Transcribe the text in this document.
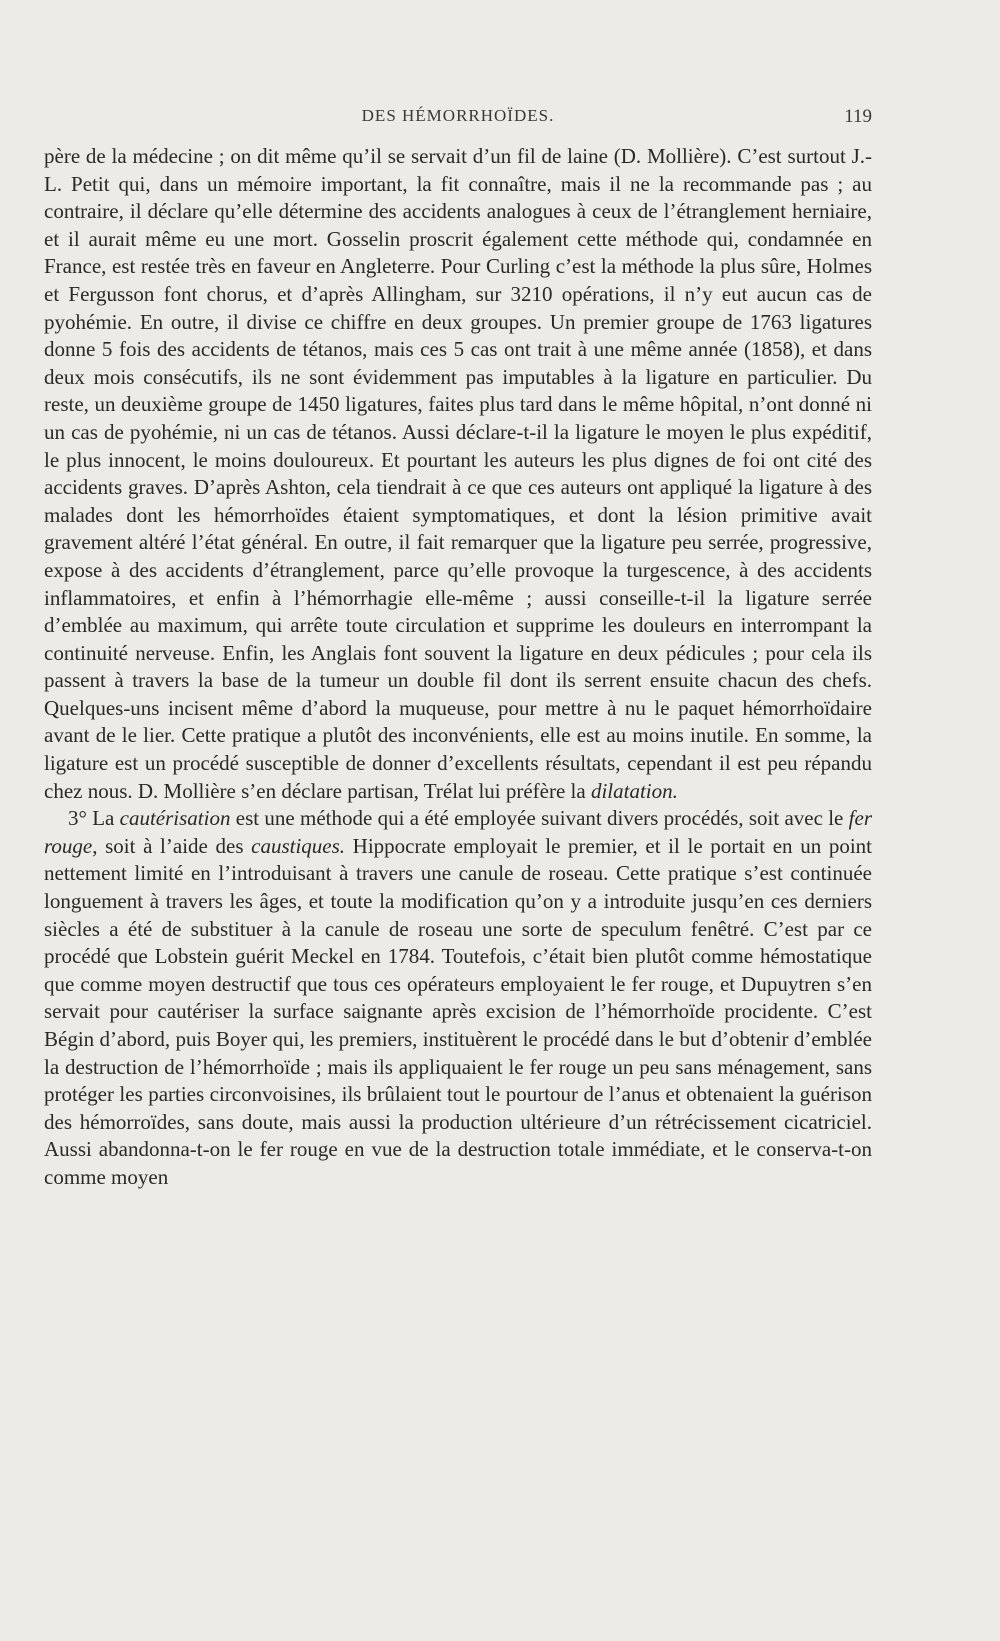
DES HÉMORRHOÏDES.	119

père de la médecine ; on dit même qu’il se servait d’un fil de laine (D. Mollière). C’est surtout J.-L. Petit qui, dans un mémoire important, la fit connaître, mais il ne la recommande pas ; au contraire, il déclare qu’elle détermine des accidents analogues à ceux de l’étranglement herniaire, et il aurait même eu une mort. Gosselin proscrit également cette méthode qui, condamnée en France, est restée très en faveur en Angleterre. Pour Curling c’est la méthode la plus sûre, Holmes et Fergusson font chorus, et d’après Allingham, sur 3210 opérations, il n’y eut aucun cas de pyohémie. En outre, il divise ce chiffre en deux groupes. Un premier groupe de 1763 ligatures donne 5 fois des accidents de tétanos, mais ces 5 cas ont trait à une même année (1858), et dans deux mois consécutifs, ils ne sont évidemment pas imputables à la ligature en particulier. Du reste, un deuxième groupe de 1450 ligatures, faites plus tard dans le même hôpital, n’ont donné ni un cas de pyohémie, ni un cas de tétanos. Aussi déclare-t-il la ligature le moyen le plus expéditif, le plus innocent, le moins douloureux. Et pourtant les auteurs les plus dignes de foi ont cité des accidents graves. D’après Ashton, cela tiendrait à ce que ces auteurs ont appliqué la ligature à des malades dont les hémorrhoïdes étaient symptomatiques, et dont la lésion primitive avait gravement altéré l’état général. En outre, il fait remarquer que la ligature peu serrée, progressive, expose à des accidents d’étranglement, parce qu’elle provoque la turgescence, à des accidents inflammatoires, et enfin à l’hémorrhagie elle-même ; aussi conseille-t-il la ligature serrée d’emblée au maximum, qui arrête toute circulation et supprime les douleurs en interrompant la continuité nerveuse. Enfin, les Anglais font souvent la ligature en deux pédicules ; pour cela ils passent à travers la base de la tumeur un double fil dont ils serrent ensuite chacun des chefs. Quelques-uns incisent même d’abord la muqueuse, pour mettre à nu le paquet hémorrhoïdaire avant de le lier. Cette pratique a plutôt des inconvénients, elle est au moins inutile. En somme, la ligature est un procédé susceptible de donner d’excellents résultats, cependant il est peu répandu chez nous. D. Mollière s’en déclare partisan, Trélat lui préfère la dilatation.

3° La cautérisation est une méthode qui a été employée suivant divers procédés, soit avec le fer rouge, soit à l’aide des caustiques. Hippocrate employait le premier, et il le portait en un point nettement limité en l’introduisant à travers une canule de roseau. Cette pratique s’est continuée longuement à travers les âges, et toute la modification qu’on y a introduite jusqu’en ces derniers siècles a été de substituer à la canule de roseau une sorte de speculum fenêtré. C’est par ce procédé que Lobstein guérit Meckel en 1784. Toutefois, c’était bien plutôt comme hémostatique que comme moyen destructif que tous ces opérateurs employaient le fer rouge, et Dupuytren s’en servait pour cautériser la surface saignante après excision de l’hémorrhoïde procidente. C’est Bégin d’abord, puis Boyer qui, les premiers, instituèrent le procédé dans le but d’obtenir d’emblée la destruction de l’hémorrhoïde ; mais ils appliquaient le fer rouge un peu sans ménagement, sans protéger les parties circonvoisines, ils brûlaient tout le pourtour de l’anus et obtenaient la guérison des hémorroïdes, sans doute, mais aussi la production ultérieure d’un rétrécissement cicatriciel. Aussi abandonna-t-on le fer rouge en vue de la destruction totale immédiate, et le conserva-t-on comme moyen
